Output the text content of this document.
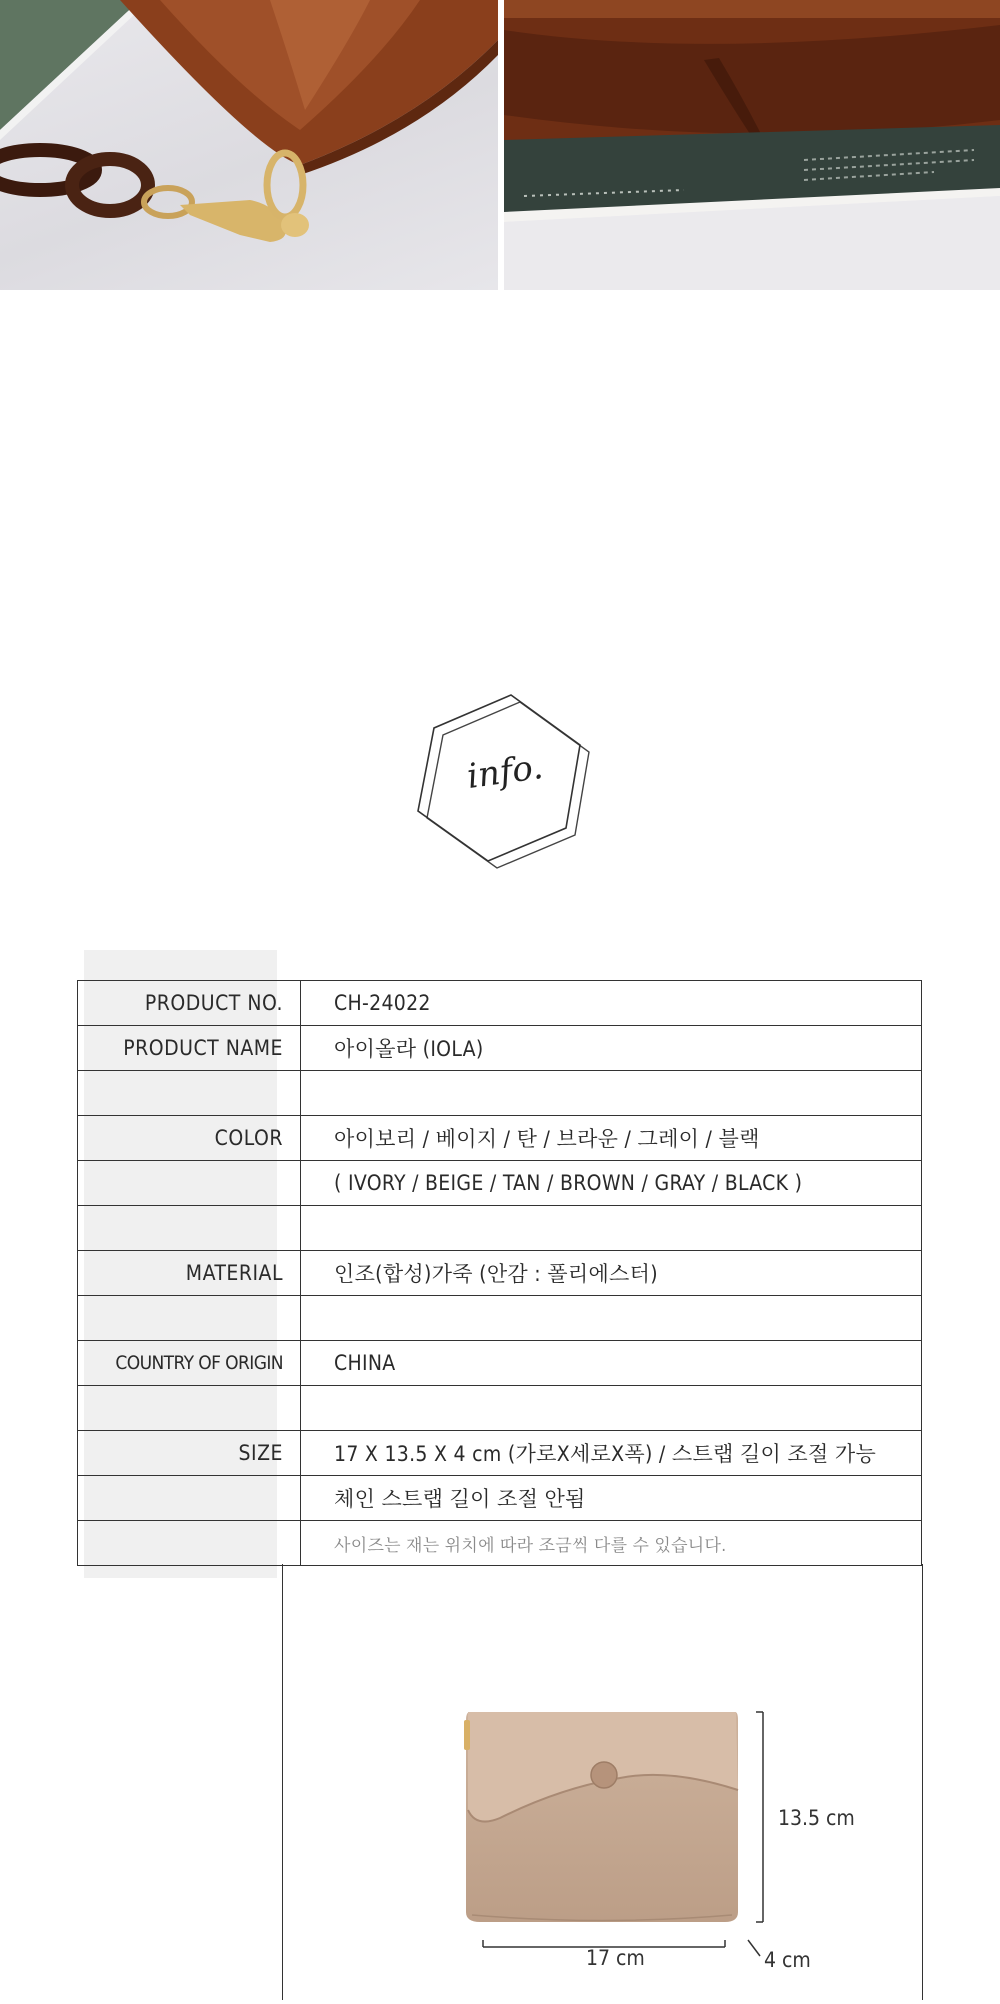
info.
PRODUCT NO.	CH-24022
PRODUCT NAME	아이올라 (IOLA)

COLOR	아이보리 / 베이지 / 탄 / 브라운 / 그레이 / 블랙
	( IVORY / BEIGE / TAN / BROWN / GRAY / BLACK )

MATERIAL	인조(합성)가죽 (안감 : 폴리에스터)

COUNTRY OF ORIGIN	CHINA

SIZE	17 X 13.5 X 4 cm (가로X세로X폭) / 스트랩 길이 조절 가능
	체인 스트랩 길이 조절 안됨
	사이즈는 재는 위치에 따라 조금씩 다를 수 있습니다.
13.5 cm
17 cm	4 cm
